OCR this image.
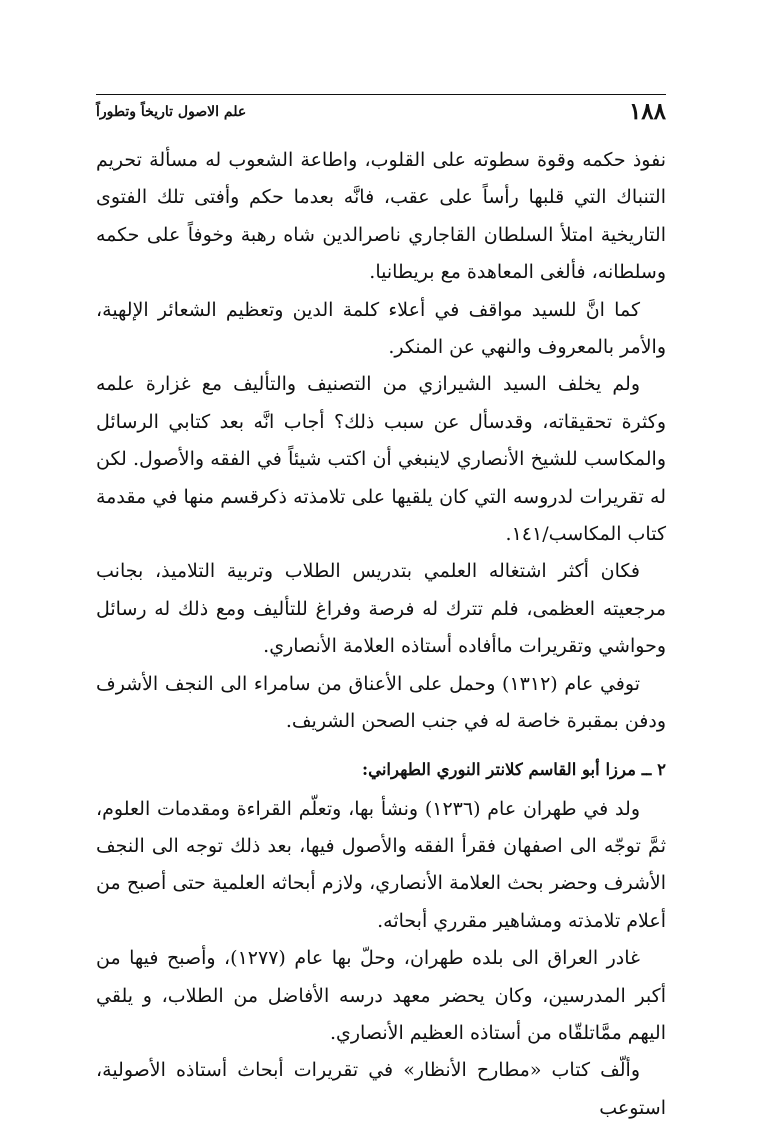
١٨٨
علم الاصول تاريخاً وتطوراً

نفوذ حكمه وقوة سطوته على القلوب، واطاعة الشعوب له مسألة تحريم التنباك التي قلبها رأساً على عقب، فانَّه بعدما حكم وأفتى تلك الفتوى التاريخية امتلأ السلطان القاجاري ناصرالدين شاه رهبة وخوفاً على حكمه وسلطانه، فألغى المعاهدة مع بريطانيا.

كما انَّ للسيد مواقف في أعلاء كلمة الدين وتعظيم الشعائر الإلهية، والأمر بالمعروف والنهي عن المنكر.

ولم يخلف السيد الشيرازي من التصنيف والتأليف مع غزارة علمه وكثرة تحقيقاته، وقدسأل عن سبب ذلك؟ أجاب انَّه بعد كتابي الرسائل والمكاسب للشيخ الأنصاري لاينبغي أن اكتب شيئاً في الفقه والأصول. لكن له تقريرات لدروسه التي كان يلقيها على تلامذته ذكرقسم منها في مقدمة كتاب المكاسب/١٤١.

فكان أكثر اشتغاله العلمي بتدريس الطلاب وتربية التلاميذ، بجانب مرجعيته العظمى، فلم تترك له فرصة وفراغ للتأليف ومع ذلك له رسائل وحواشي وتقريرات ماأفاده أستاذه العلامة الأنصاري.

توفي عام (١٣١٢) وحمل على الأعناق من سامراء الى النجف الأشرف ودفن بمقبرة خاصة له في جنب الصحن الشريف.

٢ ــ مرزا أبو القاسم كلانتر النوري الطهراني:

ولد في طهران عام (١٢٣٦) ونشأ بها، وتعلّم القراءة ومقدمات العلوم، ثمَّ توجّه الى اصفهان فقرأ الفقه والأصول فيها، بعد ذلك توجه الى النجف الأشرف وحضر بحث العلامة الأنصاري، ولازم أبحاثه العلمية حتى أصبح من أعلام تلامذته ومشاهير مقرري أبحاثه.

غادر العراق الى بلده طهران، وحلّ بها عام (١٢٧٧)، وأصبح فيها من أكبر المدرسين، وكان يحضر معهد درسه الأفاضل من الطلاب، و يلقي اليهم ممَّاتلقّاه من أستاذه العظيم الأنصاري.

وألّف كتاب «مطارح الأنظار» في تقريرات أبحاث أستاذه الأصولية، استوعب
